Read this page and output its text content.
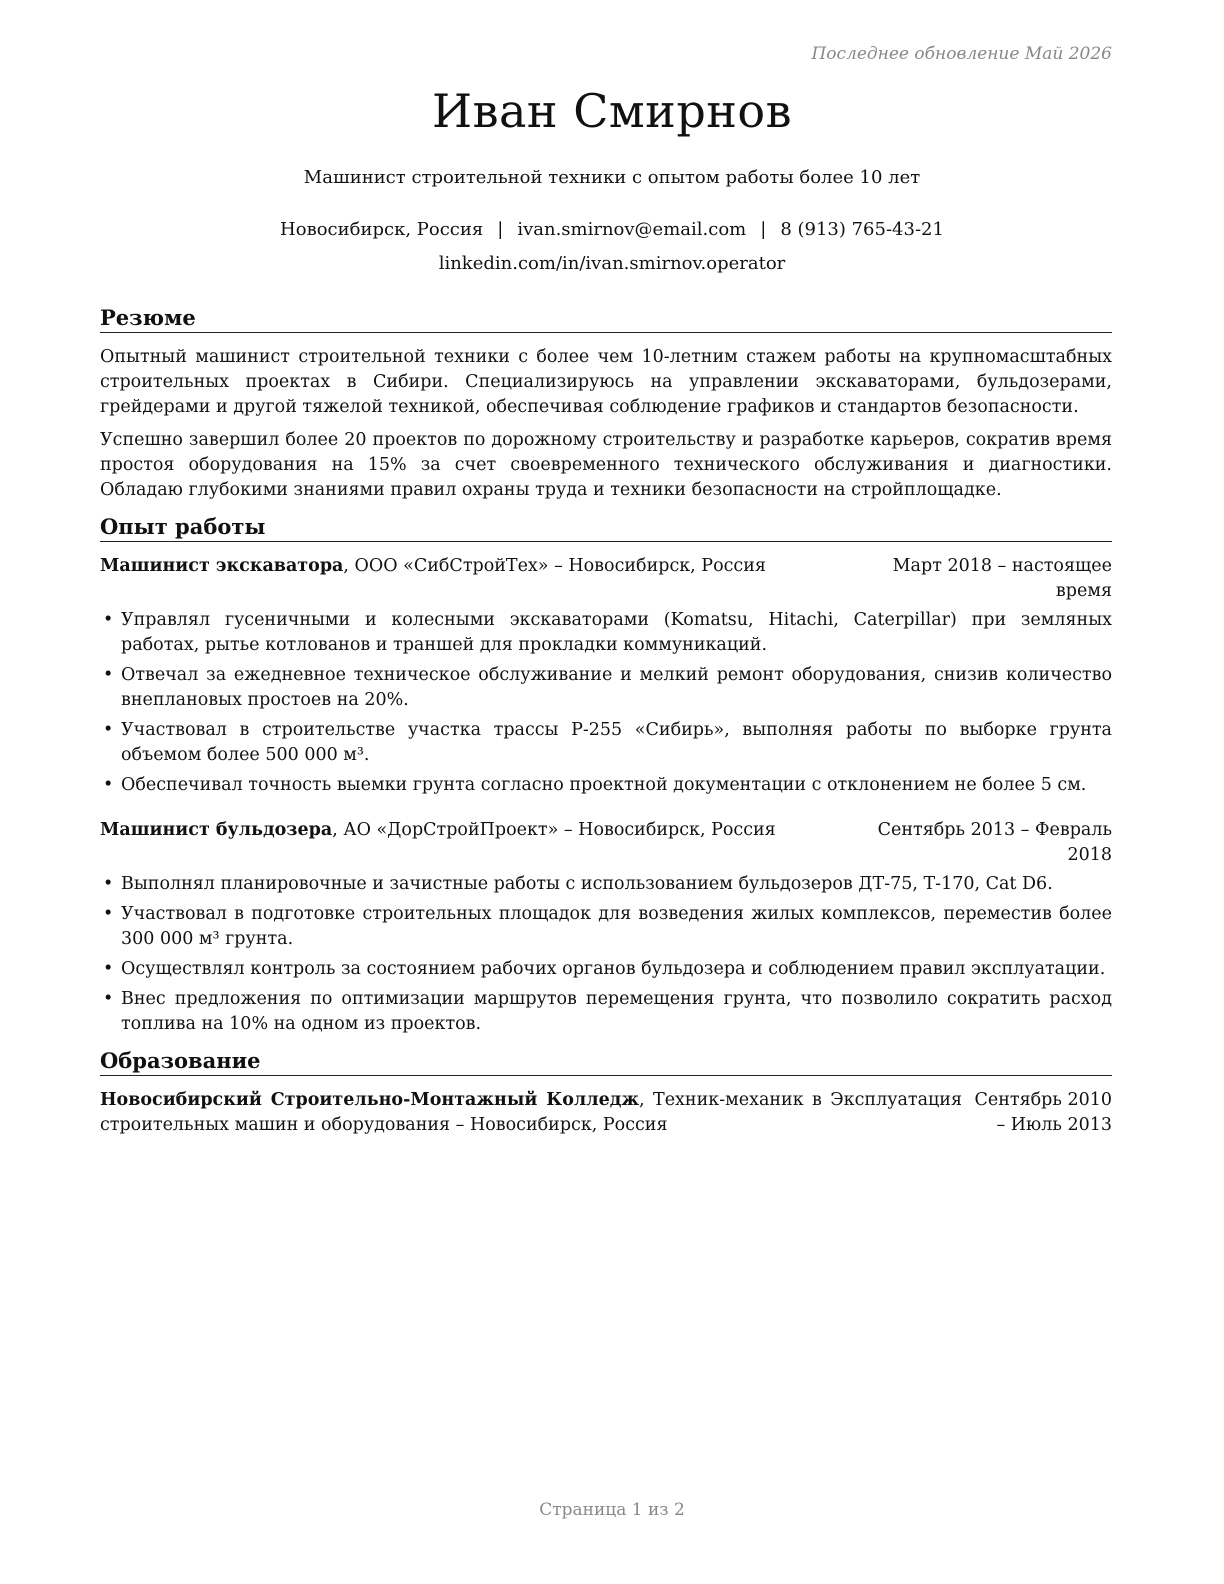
Последнее обновление Май 2026
Иван Смирнов
Машинист строительной техники с опытом работы более 10 лет
Новосибирск, Россия | ivan.smirnov@email.com | 8 (913) 765-43-21
linkedin.com/in/ivan.smirnov.operator
Резюме

Опытный машинист строительной техники с более чем 10-летним стажем работы на крупномасштабных строительных проектах в Сибири. Специализируюсь на управлении экскаваторами, бульдозерами, грейдерами и другой тяжелой техникой, обеспечивая соблюдение графиков и стандартов безопасности.

Успешно завершил более 20 проектов по дорожному строительству и разработке карьеров, сократив время простоя оборудования на 15% за счет своевременного технического обслуживания и диагностики. Обладаю глубокими знаниями правил охраны труда и техники безопасности на стройплощадке.

Опыт работы
Машинист экскаватора, ООО «СибСтройТех» – Новосибирск, Россия	Март 2018 – настоящее время
• Управлял гусеничными и колесными экскаваторами (Komatsu, Hitachi, Caterpillar) при земляных работах, рытье котлованов и траншей для прокладки коммуникаций.
• Отвечал за ежедневное техническое обслуживание и мелкий ремонт оборудования, снизив количество внеплановых простоев на 20%.
• Участвовал в строительстве участка трассы Р-255 «Сибирь», выполняя работы по выборке грунта объемом более 500 000 м³.
• Обеспечивал точность выемки грунта согласно проектной документации с отклонением не более 5 см.
Машинист бульдозера, АО «ДорСтройПроект» – Новосибирск, Россия	Сентябрь 2013 – Февраль 2018
• Выполнял планировочные и зачистные работы с использованием бульдозеров ДТ-75, Т-170, Cat D6.
• Участвовал в подготовке строительных площадок для возведения жилых комплексов, переместив более 300 000 м³ грунта.
• Осуществлял контроль за состоянием рабочих органов бульдозера и соблюдением правил эксплуатации.
• Внес предложения по оптимизации маршрутов перемещения грунта, что позволило сократить расход топлива на 10% на одном из проектов.
Образование
Новосибирский Строительно-Монтажный Колледж, Техник-механик в Эксплуатация строительных машин и оборудования – Новосибирск, Россия
Сентябрь 2010 – Июль 2013
Страница 1 из 2
